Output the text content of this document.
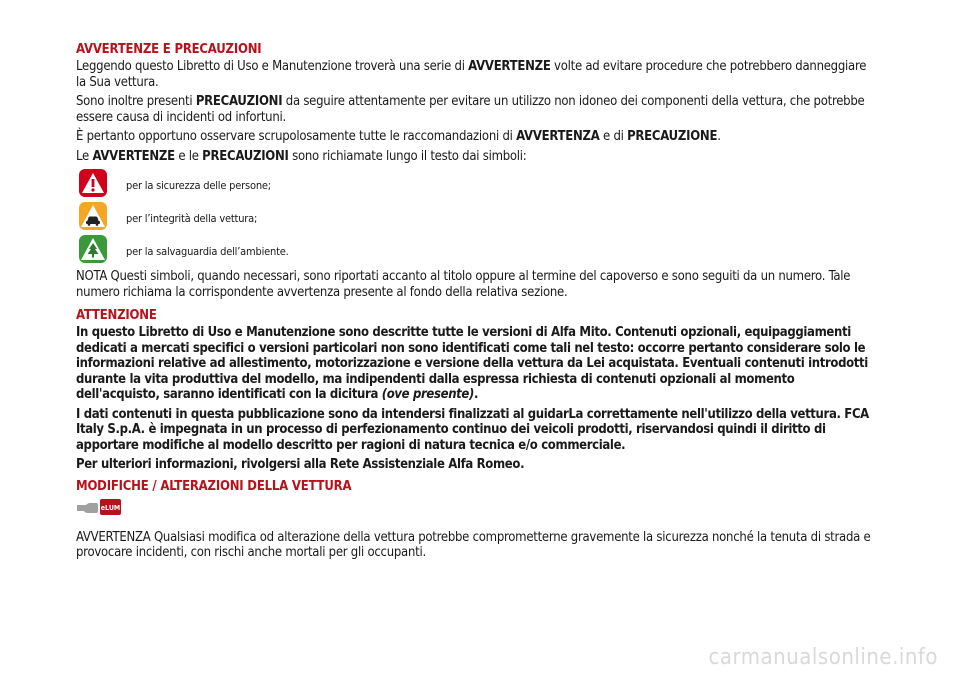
AVVERTENZE E PRECAUZIONI

Leggendo questo Libretto di Uso e Manutenzione troverà una serie di AVVERTENZE volte ad evitare procedure che potrebbero danneggiare la Sua vettura.

Sono inoltre presenti PRECAUZIONI da seguire attentamente per evitare un utilizzo non idoneo dei componenti della vettura, che potrebbe essere causa di incidenti od infortuni.

È pertanto opportuno osservare scrupolosamente tutte le raccomandazioni di AVVERTENZA e di PRECAUZIONE.

Le AVVERTENZE e le PRECAUZIONI sono richiamate lungo il testo dai simboli:

per la sicurezza delle persone;
per l’integrità della vettura;
per la salvaguardia dell’ambiente.

NOTA Questi simboli, quando necessari, sono riportati accanto al titolo oppure al termine del capoverso e sono seguiti da un numero. Tale numero richiama la corrispondente avvertenza presente al fondo della relativa sezione.

ATTENZIONE

In questo Libretto di Uso e Manutenzione sono descritte tutte le versioni di Alfa Mito. Contenuti opzionali, equipaggiamenti dedicati a mercati specifici o versioni particolari non sono identificati come tali nel testo: occorre pertanto considerare solo le informazioni relative ad allestimento, motorizzazione e versione della vettura da Lei acquistata. Eventuali contenuti introdotti durante la vita produttiva del modello, ma indipendenti dalla espressa richiesta di contenuti opzionali al momento dell'acquisto, saranno identificati con la dicitura (ove presente).

I dati contenuti in questa pubblicazione sono da intendersi finalizzati al guidarLa correttamente nell'utilizzo della vettura. FCA Italy S.p.A. è impegnata in un processo di perfezionamento continuo dei veicoli prodotti, riservandosi quindi il diritto di apportare modifiche al modello descritto per ragioni di natura tecnica e/o commerciale.

Per ulteriori informazioni, rivolgersi alla Rete Assistenziale Alfa Romeo.

MODIFICHE / ALTERAZIONI DELLA VETTURA
eLUM

AVVERTENZA Qualsiasi modifica od alterazione della vettura potrebbe comprometterne gravemente la sicurezza nonché la tenuta di strada e provocare incidenti, con rischi anche mortali per gli occupanti.

carmanualsonline.info
